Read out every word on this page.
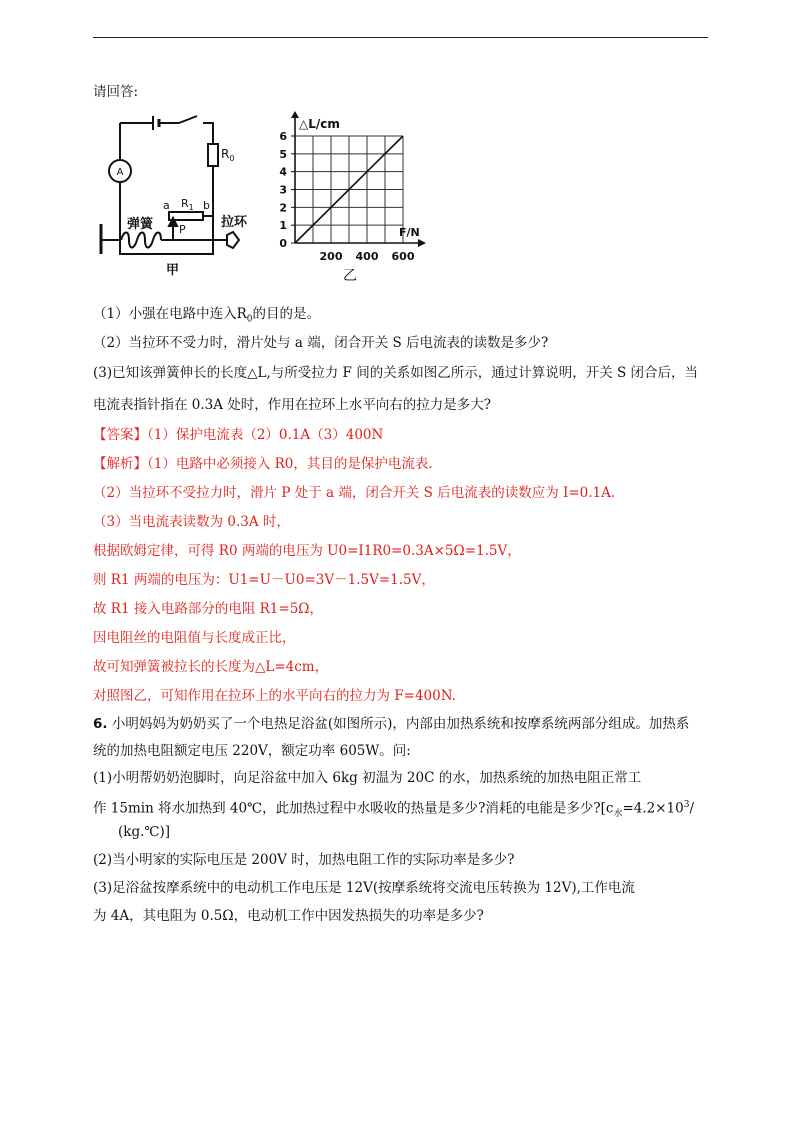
请回答:
A
$R_0$
弹簧
a $R_1$ b
P	拉环
甲
200 400 600
0
1
2
3
4
5
6
△L/cm
F/N
乙
（1）小强在电路中连入$R_0$的目的是。
（2）当拉环不受力时，滑片处与 a 端，闭合开关 S 后电流表的读数是多少?
(3)已知该弹簧伸长的长度△L,与所受拉力 F 间的关系如图乙所示，通过计算说明，开关 S 闭合后，当
电流表指针指在 0.3A 处时，作用在拉环上水平向右的拉力是多大?
【答案】（1）保护电流表（2）0.1A（3）400N
【解析】（1）电路中必须接入 R0，其目的是保护电流表.
（2）当拉环不受拉力时，滑片 P 处于 a 端，闭合开关 S 后电流表的读数应为 I=0.1A.
（3）当电流表读数为 0.3A 时，
根据欧姆定律，可得 R0 两端的电压为 U0=I1R0=0.3A×5Ω=1.5V，
则 R1 两端的电压为：U1=U－U0=3V－1.5V=1.5V，
故 R1 接入电路部分的电阻 R1=5Ω，
因电阻丝的电阻值与长度成正比，
故可知弹簧被拉长的长度为△L=4cm，
对照图乙，可知作用在拉环上的水平向右的拉力为 F=400N.
6. 小明妈妈为奶奶买了一个电热足浴盆(如图所示)，内部由加热系统和按摩系统两部分组成。加热系
统的加热电阻额定电压 220V，额定功率 605W。问:
(1)小明帮奶奶泡脚时，向足浴盆中加入 6kg 初温为 20C 的水，加热系统的加热电阻正常工
作 15min 将水加热到 40℃，此加热过程中水吸收的热量是多少?消耗的电能是多少$?[c_水=4.2\times 10^3/$
(kg.℃)]
(2)当小明家的实际电压是 200V 时，加热电阻工作的实际功率是多少?
(3)足浴盆按摩系统中的电动机工作电压是 12V(按摩系统将交流电压转换为 12V),工作电流
为 4A，其电阻为 0.5Ω，电动机工作中因发热损失的功率是多少?
